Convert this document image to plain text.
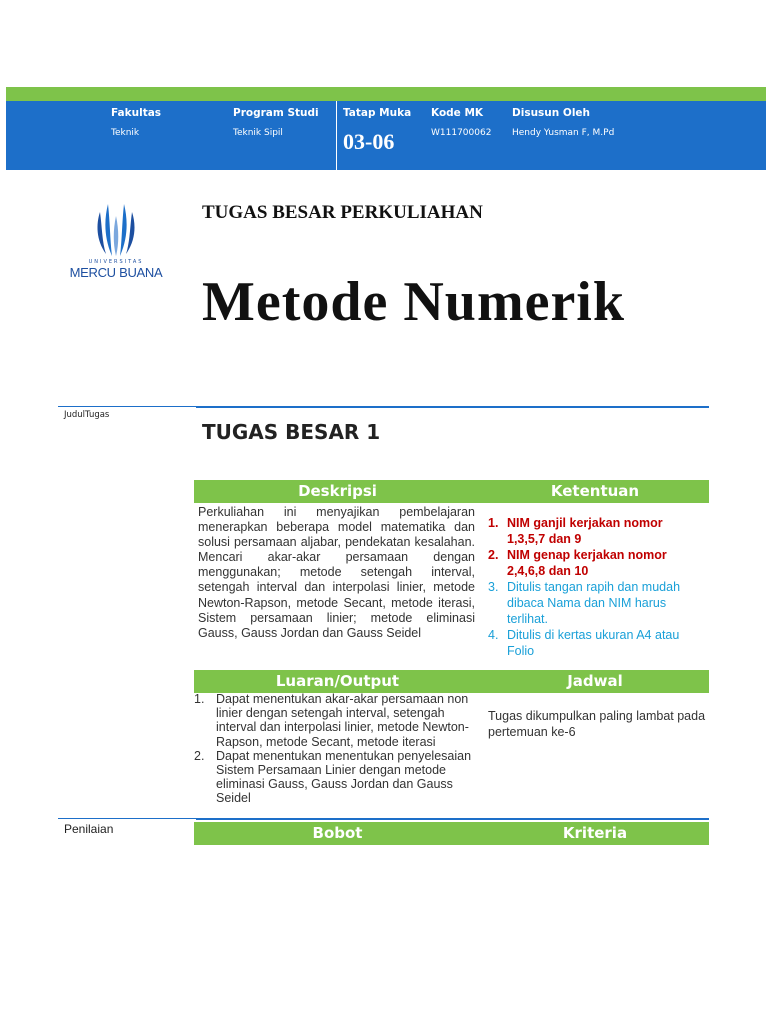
Fakultas
Teknik
Program Studi
Teknik Sipil
Tatap Muka
03-06
Kode MK
W111700062
Disusun Oleh
Hendy Yusman F, M.Pd
UNIVERSITAS
MERCU BUANA
TUGAS BESAR PERKULIAHAN
Metode Numerik
JudulTugas
TUGAS BESAR 1
Deskripsi	Ketentuan
Perkuliahan ini menyajikan pembelajaran menerapkan beberapa model matematika dan solusi persamaan aljabar, pendekatan kesalahan. Mencari akar-akar persamaan dengan menggunakan; metode setengah interval, setengah interval dan interpolasi linier, metode Newton-Rapson, metode Secant, metode iterasi, Sistem persamaan linier; metode eliminasi Gauss, Gauss Jordan dan Gauss Seidel
1. NIM ganjil kerjakan nomor 1,3,5,7 dan 9
2. NIM genap kerjakan nomor 2,4,6,8 dan 10
3. Ditulis tangan rapih dan mudah dibaca Nama dan NIM harus terlihat.
4. Ditulis di kertas ukuran A4 atau Folio
Luaran/Output	Jadwal
1. Dapat menentukan akar-akar persamaan non linier dengan setengah interval, setengah interval dan interpolasi linier, metode Newton-Rapson, metode Secant, metode iterasi
2. Dapat menentukan menentukan penyelesaian Sistem Persamaan Linier dengan metode eliminasi Gauss, Gauss Jordan dan Gauss Seidel
Tugas dikumpulkan paling lambat pada pertemuan ke-6
Penilaian	Bobot	Kriteria
